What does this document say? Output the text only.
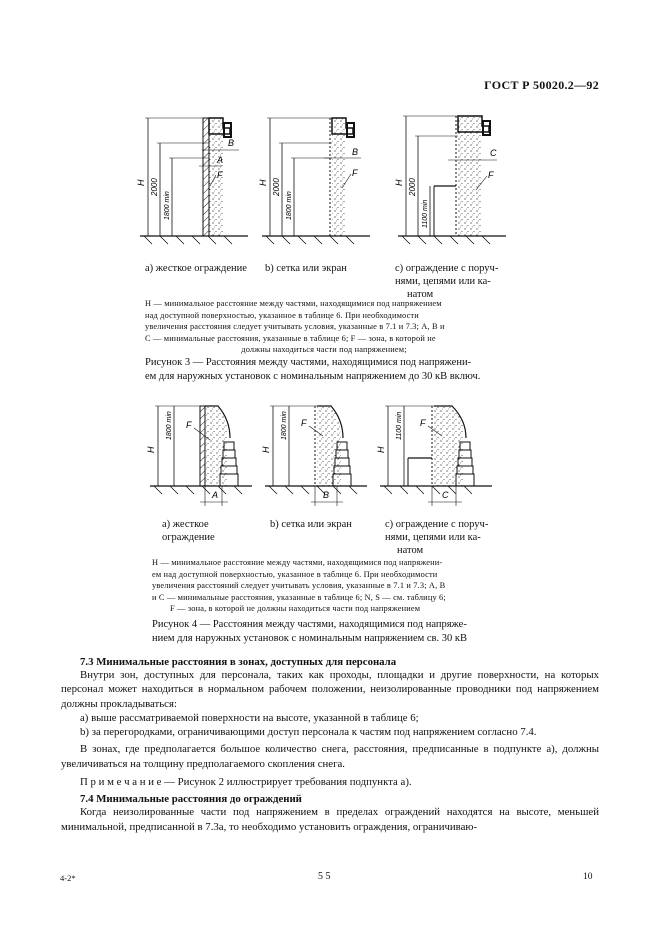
ГОСТ Р 50020.2—92
H 2000
1800 min
B
A
F
H 2000
1800 min
B
F
H 2000
1100 min
C
F
a) жесткое ограждение b) сетка или экран	с) ограждение с поруч-
нями, цепями или ка-
натом
H — минимальное расстояние между частями, находящимися под напряжением
над доступной поверхностью, указанное в таблице 6. При необходимости
увеличения расстояния следует учитывать условия, указанные в 7.1 и 7.3; A, B и
С — минимальные расстояния, указанные в таблице 6; F — зона, в которой не
должны находиться части под напряжением;
Рисунок 3 — Расстояния между частями, находящимися под напряжени-
ем для наружных установок с номинальным напряжением до 30 кВ включ.
H
1800 min
A
F
H
1800 min
B
F
H
1100 min
C
F
а) жесткое
ограждение
b) сетка или экран	с) ограждение с поруч-
нями, цепями или ка-
натом
H — минимальное расстояние между частями, находящимися под напряжени-
ем над доступной поверхностью, указанное в таблице 6. При необходимости
увеличения расстояний следует учитывать условия, указанные в 7.1 и 7.3; A, B
и C — минимальные расстояния, указанные в таблице 6; N, S — см. таблицу 6;
F — зона, в которой не должны находиться части под напряжением
Рисунок 4 — Расстояния между частями, находящимися под напряже-
нием для наружных установок с номинальным напряжением св. 30 кВ
7.3 Минимальные расстояния в зонах, доступных для персонала
Внутри зон, доступных для персонала, таких как проходы, площадки и другие поверхности, на которых персонал может находиться в нормальном рабочем положении, неизолированные проводники под напряжением должны прокладываться:
а) выше рассматриваемой поверхности на высоте, указанной в таблице 6;
b) за перегородками, ограничивающими доступ персонала к частям под напряжением согласно 7.4.
В зонах, где предполагается большое количество снега, расстояния, предписанные в подпункте а), должны увеличиваться на толщину предполагаемого скопления снега.
П р и м е ч а н и е — Рисунок 2 иллюстрирует требования подпункта а).
7.4 Минимальные расстояния до ограждений
Когда неизолированные части под напряжением в пределах ограждений находятся на высоте, меньшей минимальной, предписанной в 7.3а, то необходимо установить ограждения, ограничиваю-
4-2*	5 5	10
